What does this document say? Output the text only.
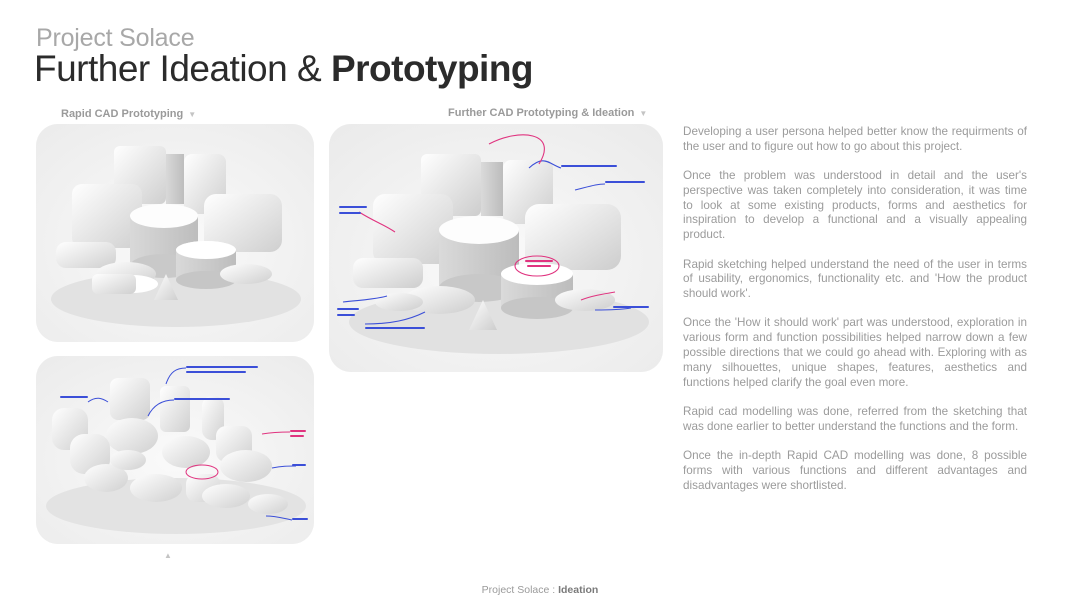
Project Solace
Further Ideation & Prototyping
Rapid CAD Prototyping ▼	Further CAD Prototyping & Ideation ▼
▲

Developing a user persona helped better know the requirments of the user and to figure out how to go about this project.

Once the problem was understood in detail and the user's perspective was taken completely into consideration, it was time to look at some existing products, forms and aesthetics for inspiration to develop a functional and a visually appealing product.

Rapid sketching helped understand the need of the user in terms of usability, ergonomics, functionality etc. and 'How the product should work'.

Once the 'How it should work' part was understood, exploration in various form and function possibilities helped narrow down a few possible directions that we could go ahead with. Exploring with as many silhouettes, unique shapes, features, aesthetics and functions helped clarify the goal even more.

Rapid cad modelling was done, referred from the sketching that was done earlier to better understand the functions and the form.

Once the in-depth Rapid CAD modelling was done, 8 possible forms with various functions and different advantages and disadvantages were shortlisted.

Project Solace : Ideation
